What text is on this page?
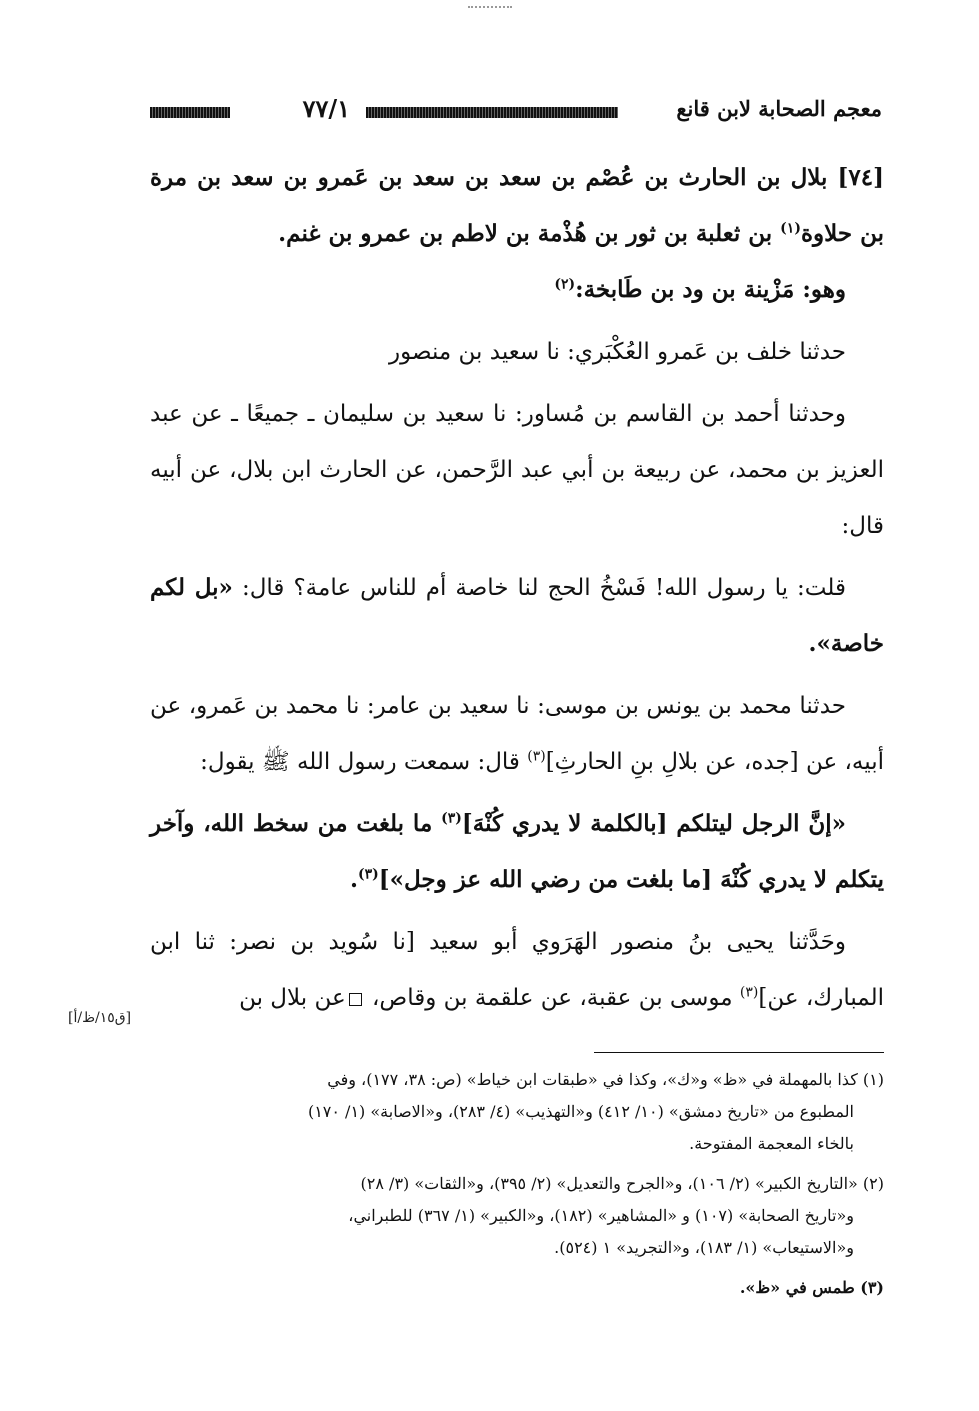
معجم الصحابة لابن قانع
٧٧/١

[٧٤] بلال بن الحارث بن عُصْم بن سعد بن سعد بن عَمرو بن سعد بن مرة بن حلاوة$^{(١)}$ بن ثعلبة بن ثور بن هُذْمة بن لاطم بن عمرو بن غنم.

وهو: مَزْينة بن ود بن طَابخة:$^{(٢)}$

حدثنا خلف بن عَمرو العُكْبَري: نا سعيد بن منصور

وحدثنا أحمد بن القاسم بن مُساور: نا سعيد بن سليمان ـ جميعًا ـ عن عبد العزيز بن محمد، عن ربيعة بن أبي عبد الرَّحمن، عن الحارث ابن بلال، عن أبيه قال:

قلت: يا رسول الله! فَسْخُ الحج لنا خاصة أم للناس عامة؟ قال: «بل لكم خاصة».

حدثنا محمد بن يونس بن موسى: نا سعيد بن عامر: نا محمد بن عَمرو، عن أبيه، عن [جده، عن بلالِ بنِ الحارثِ]$^{(٣)}$ قال: سمعت رسول الله ﷺ يقول:

«إنَّ الرجل ليتلكم [بالكلمة لا يدري كُنْهَ]$^{(٣)}$ ما بلغت من سخط الله، وآخر يتكلم لا يدري كُنْهَ [ما بلغت من رضي الله عز وجل»]$^{(٣)}$.

وحَدَّثنا يحيى بنُ منصور الهَرَوي أبو سعيد [نا سُويد بن نصر: ثنا ابن المبارك، عن]$^{(٣)}$ موسى بن عقبة، عن علقمة بن وقاص، عن بلال بن

[ق١٥/ظ/أ]
(١) كذا بالمهملة في «ظ» و«ك»، وكذا في «طبقات ابن خياط» (ص: ٣٨، ١٧٧)، وفي
المطبوع من «تاريخ دمشق» (١٠/ ٤١٢) و«التهذيب» (٤/ ٢٨٣)، و«الاصابة» (١/ ١٧٠)
بالخاء المعجمة المفتوحة.
(٢) «التاريخ الكبير» (٢/ ١٠٦)، و«الجرح والتعديل» (٢/ ٣٩٥)، و«الثقات» (٣/ ٢٨)
و«تاريخ الصحابة» (١٠٧) و «المشاهير» (١٨٢)، و«الكبير» (١/ ٣٦٧) للطبراني،
و«الاستيعاب» (١/ ١٨٣)، و«التجريد» ١ (٥٢٤).
(٣) طمس في «ظ».
